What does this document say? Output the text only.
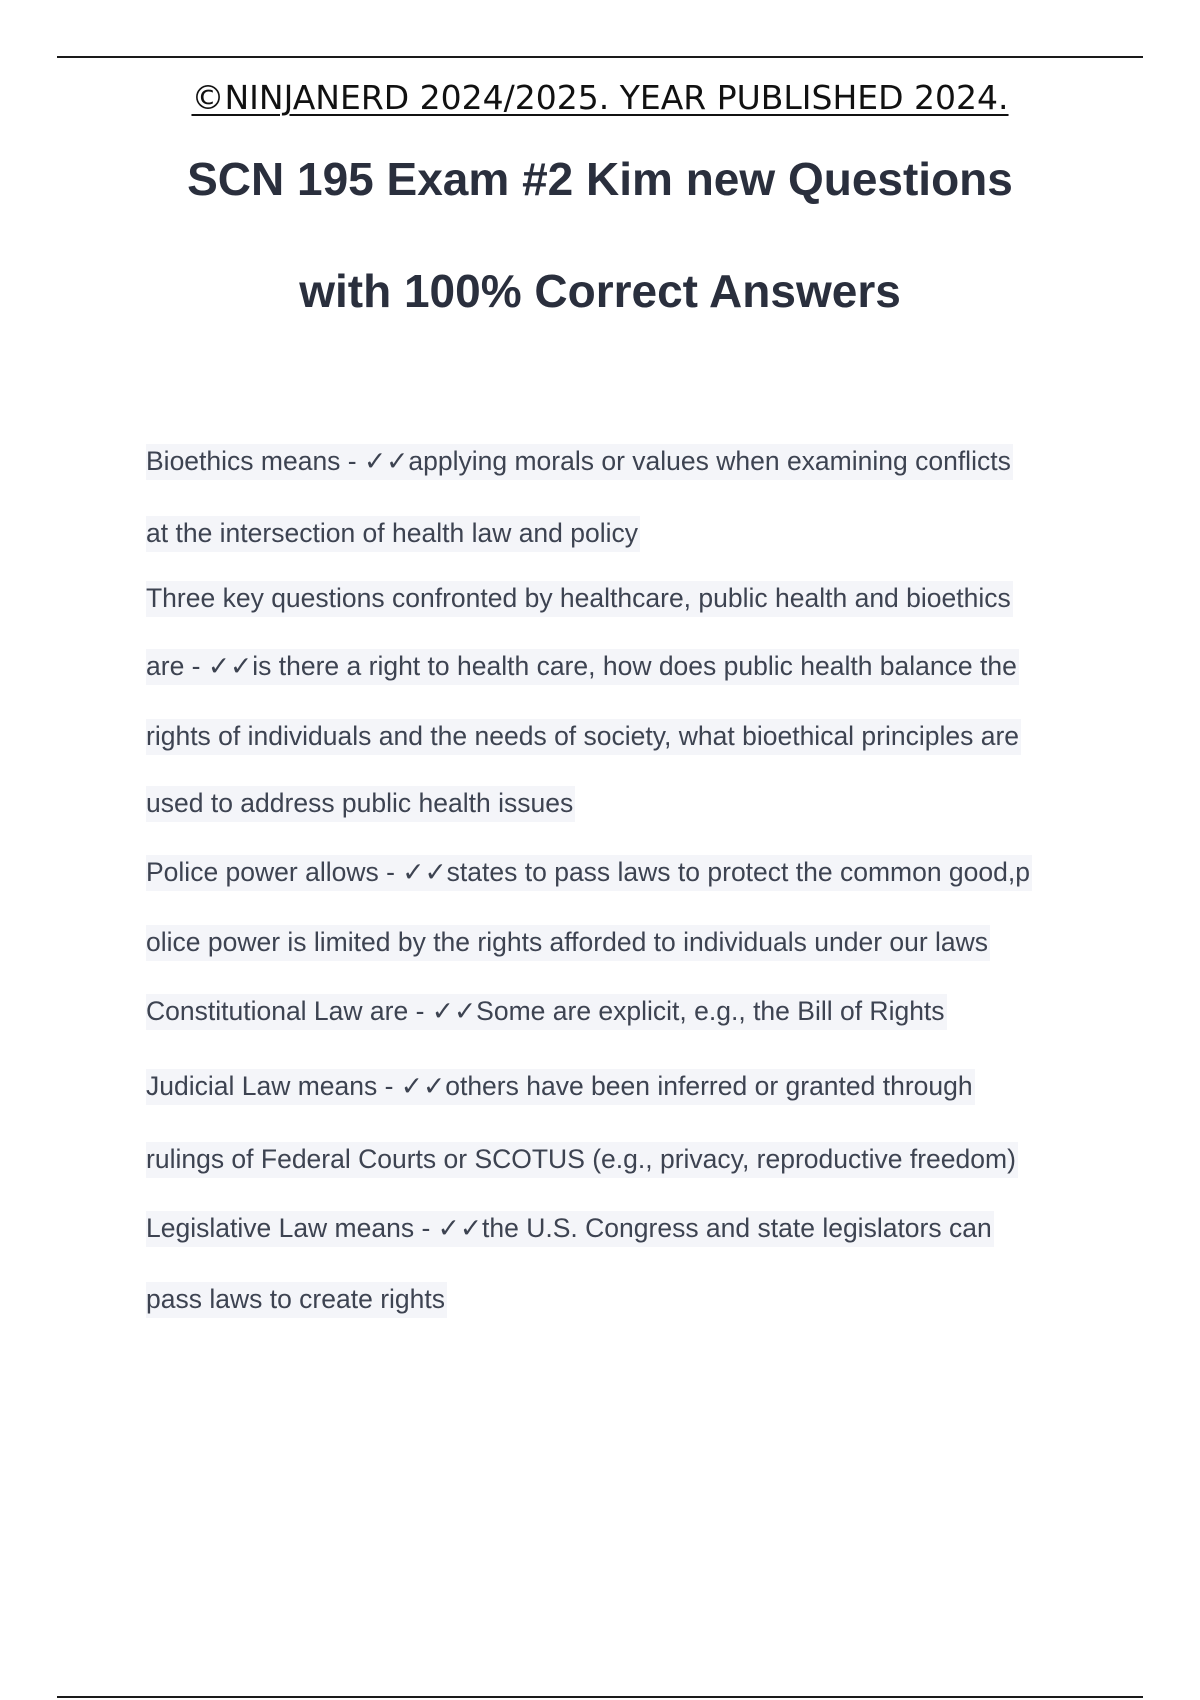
©NINJANERD 2024/2025. YEAR PUBLISHED 2024.
SCN 195 Exam #2 Kim new Questions
with 100% Correct Answers
Bioethics means - ✓✓applying morals or values when examining conflicts
at the intersection of health law and policy
Three key questions confronted by healthcare, public health and bioethics
are - ✓✓is there a right to health care, how does public health balance the
rights of individuals and the needs of society, what bioethical principles are
used to address public health issues
Police power allows - ✓✓states to pass laws to protect the common good,p
olice power is limited by the rights afforded to individuals under our laws
Constitutional Law are - ✓✓Some are explicit, e.g., the Bill of Rights
Judicial Law means - ✓✓others have been inferred or granted through
rulings of Federal Courts or SCOTUS (e.g., privacy, reproductive freedom)
Legislative Law means - ✓✓the U.S. Congress and state legislators can
pass laws to create rights
